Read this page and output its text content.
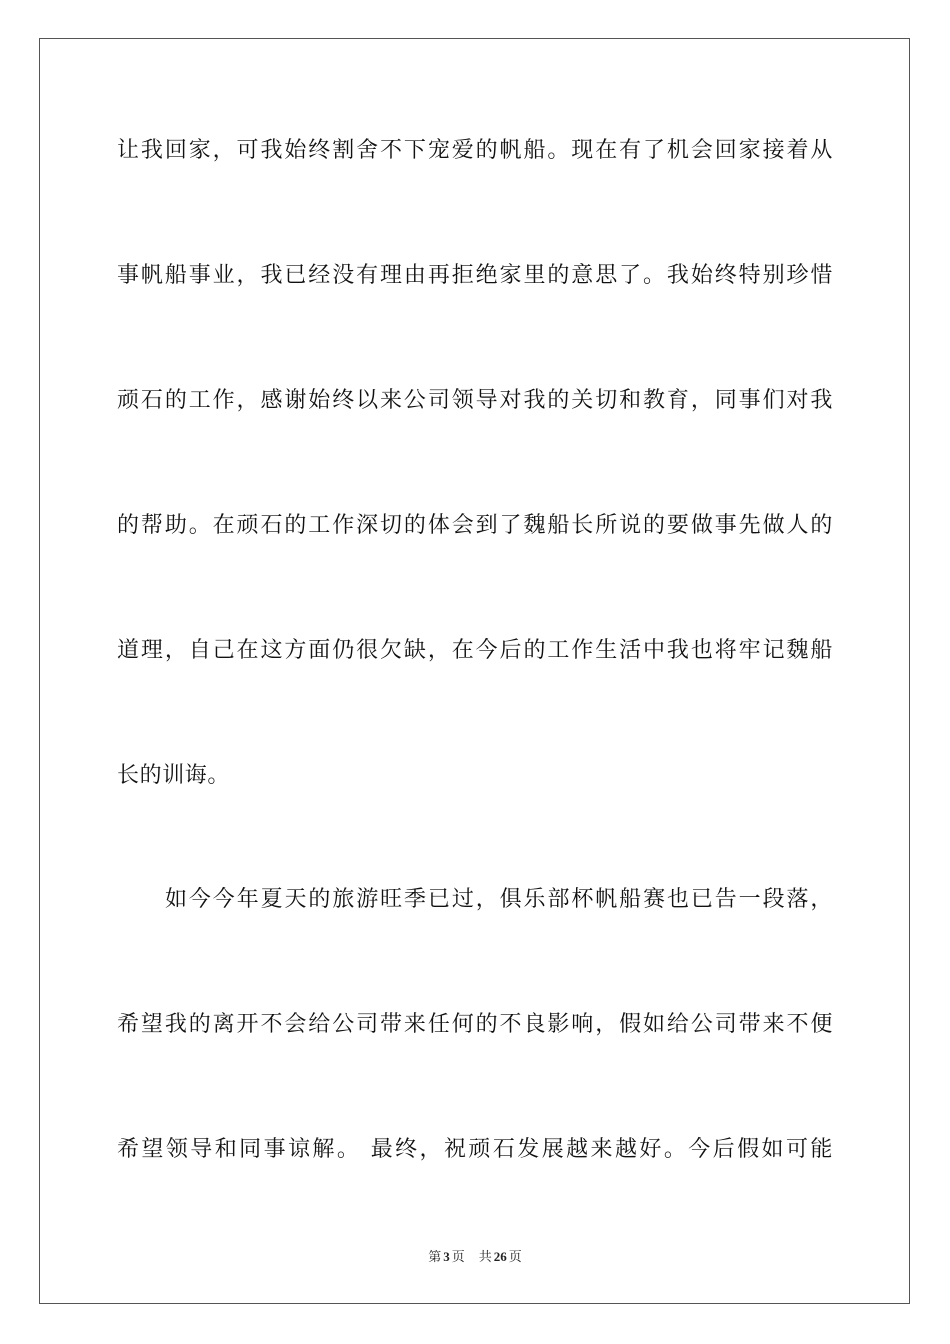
让我回家，可我始终割舍不下宠爱的帆船。现在有了机会回家接着从
事帆船事业，我已经没有理由再拒绝家里的意思了。我始终特别珍惜
顽石的工作，感谢始终以来公司领导对我的关切和教育，同事们对我
的帮助。在顽石的工作深切的体会到了魏船长所说的要做事先做人的
道理，自己在这方面仍很欠缺，在今后的工作生活中我也将牢记魏船
长的训诲。
如今今年夏天的旅游旺季已过，俱乐部杯帆船赛也已告一段落，
希望我的离开不会给公司带来任何的不良影响，假如给公司带来不便
希望领导和同事谅解。 最终，祝顽石发展越来越好。今后假如可能
第 3 页 共 26 页
